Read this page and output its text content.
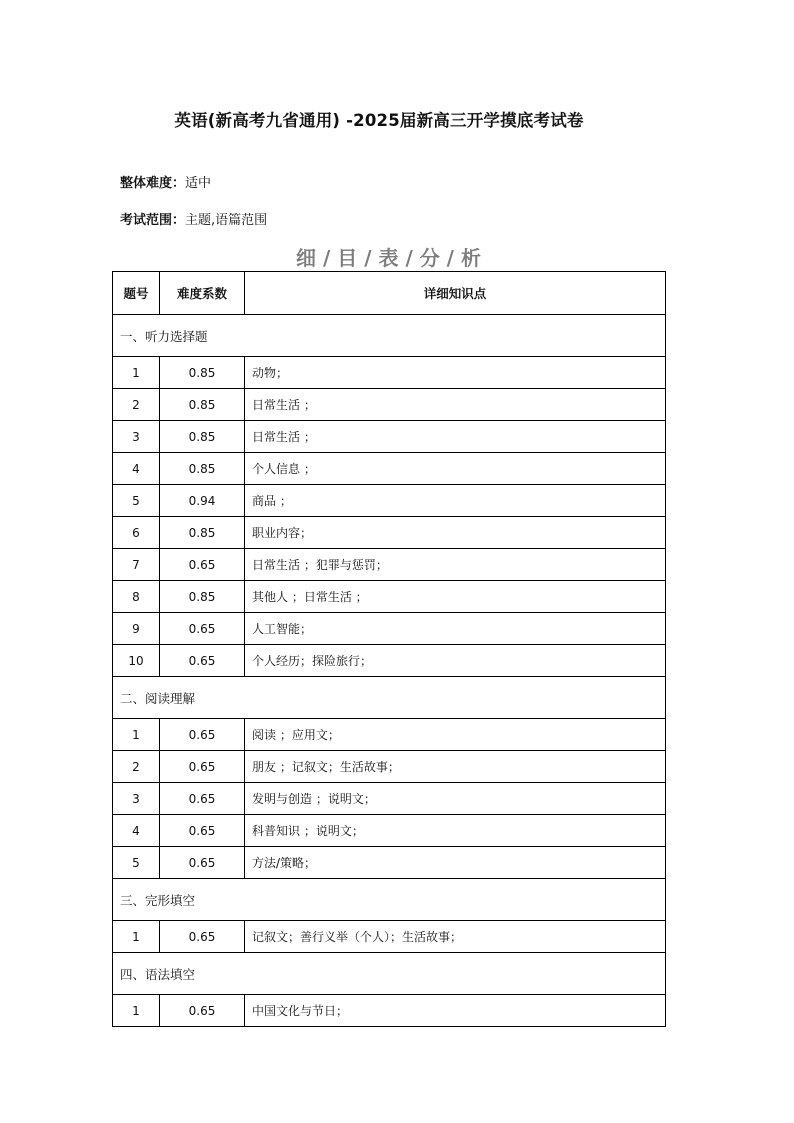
英语(新高考九省通用) -2025届新高三开学摸底考试卷
整体难度：适中
考试范围：主题,语篇范围
细 / 目 / 表 / 分 / 析
题号	难度系数	详细知识点
一、听力选择题		
1	0.85	动物；
2	0.85	日常生活 ；
3	0.85	日常生活 ；
4	0.85	个人信息 ；
5	0.94	商品 ；
6	0.85	职业内容；
7	0.65	日常生活 ；犯罪与惩罚；
8	0.85	其他人 ；日常生活 ；
9	0.65	人工智能；
10	0.65	个人经历；探险旅行；
二、阅读理解		
1	0.65	阅读 ；应用文；
2	0.65	朋友 ；记叙文；生活故事；
3	0.65	发明与创造 ；说明文；
4	0.65	科普知识 ；说明文；
5	0.65	方法/策略；
三、完形填空		
1	0.65	记叙文；善行义举（个人）；生活故事；
四、语法填空		
1	0.65	中国文化与节日；
